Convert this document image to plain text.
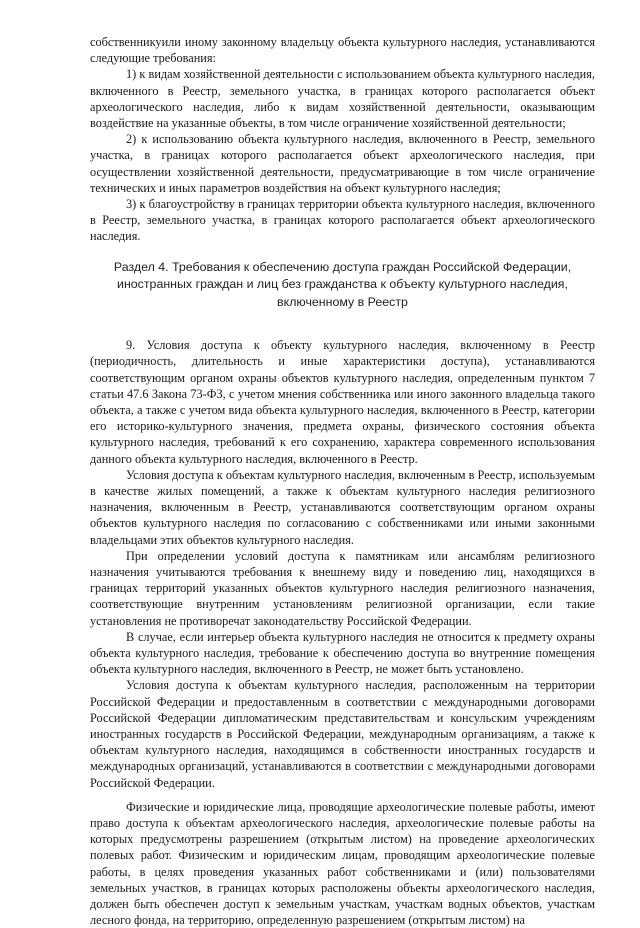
собственникуили иному законному владельцу объекта культурного наследия, устанавливаются следующие требования:

1) к видам хозяйственной деятельности с использованием объекта культурного наследия, включенного в Реестр, земельного участка, в границах которого располагается объект археологического наследия, либо к видам хозяйственной деятельности, оказывающим воздействие на указанные объекты, в том числе ограничение хозяйственной деятельности;

2) к использованию объекта культурного наследия, включенного в Реестр, земельного участка, в границах которого располагается объект археологического наследия, при осуществлении хозяйственной деятельности, предусматривающие в том числе ограничение технических и иных параметров воздействия на объект культурного наследия;

3) к благоустройству в границах территории объекта культурного наследия, включенного в Реестр, земельного участка, в границах которого располагается объект археологического наследия.

Раздел 4. Требования к обеспечению доступа граждан Российской Федерации,
иностранных граждан и лиц без гражданства к объекту культурного наследия,
включенному в Реестр

9. Условия доступа к объекту культурного наследия, включенному в Реестр (периодичность, длительность и иные характеристики доступа), устанавливаются соответствующим органом охраны объектов культурного наследия, определенным пунктом 7 статьи 47.6 Закона 73-ФЗ, с учетом мнения собственника или иного законного владельца такого объекта, а также с учетом вида объекта культурного наследия, включенного в Реестр, категории его историко-культурного значения, предмета охраны, физического состояния объекта культурного наследия, требований к его сохранению, характера современного использования данного объекта культурного наследия, включенного в Реестр.

Условия доступа к объектам культурного наследия, включенным в Реестр, используемым в качестве жилых помещений, а также к объектам культурного наследия религиозного назначения, включенным в Реестр, устанавливаются соответствующим органом охраны объектов культурного наследия по согласованию с собственниками или иными законными владельцами этих объектов культурного наследия.

При определении условий доступа к памятникам или ансамблям религиозного назначения учитываются требования к внешнему виду и поведению лиц, находящихся в границах территорий указанных объектов культурного наследия религиозного назначения, соответствующие внутренним установлениям религиозной организации, если такие установления не противоречат законодательству Российской Федерации.

В случае, если интерьер объекта культурного наследия не относится к предмету охраны объекта культурного наследия, требование к обеспечению доступа во внутренние помещения объекта культурного наследия, включенного в Реестр, не может быть установлено.

Условия доступа к объектам культурного наследия, расположенным на территории Российской Федерации и предоставленным в соответствии с международными договорами Российской Федерации дипломатическим представительствам и консульским учреждениям иностранных государств в Российской Федерации, международным организациям, а также к объектам культурного наследия, находящимся в собственности иностранных государств и международных организаций, устанавливаются в соответствии с международными договорами Российской Федерации.

Физические и юридические лица, проводящие археологические полевые работы, имеют право доступа к объектам археологического наследия, археологические полевые работы на которых предусмотрены разрешением (открытым листом) на проведение археологических полевых работ. Физическим и юридическим лицам, проводящим археологические полевые работы, в целях проведения указанных работ собственниками и (или) пользователями земельных участков, в границах которых расположены объекты археологического наследия, должен быть обеспечен доступ к земельным участкам, участкам водных объектов, участкам лесного фонда, на территорию, определенную разрешением (открытым листом) на
